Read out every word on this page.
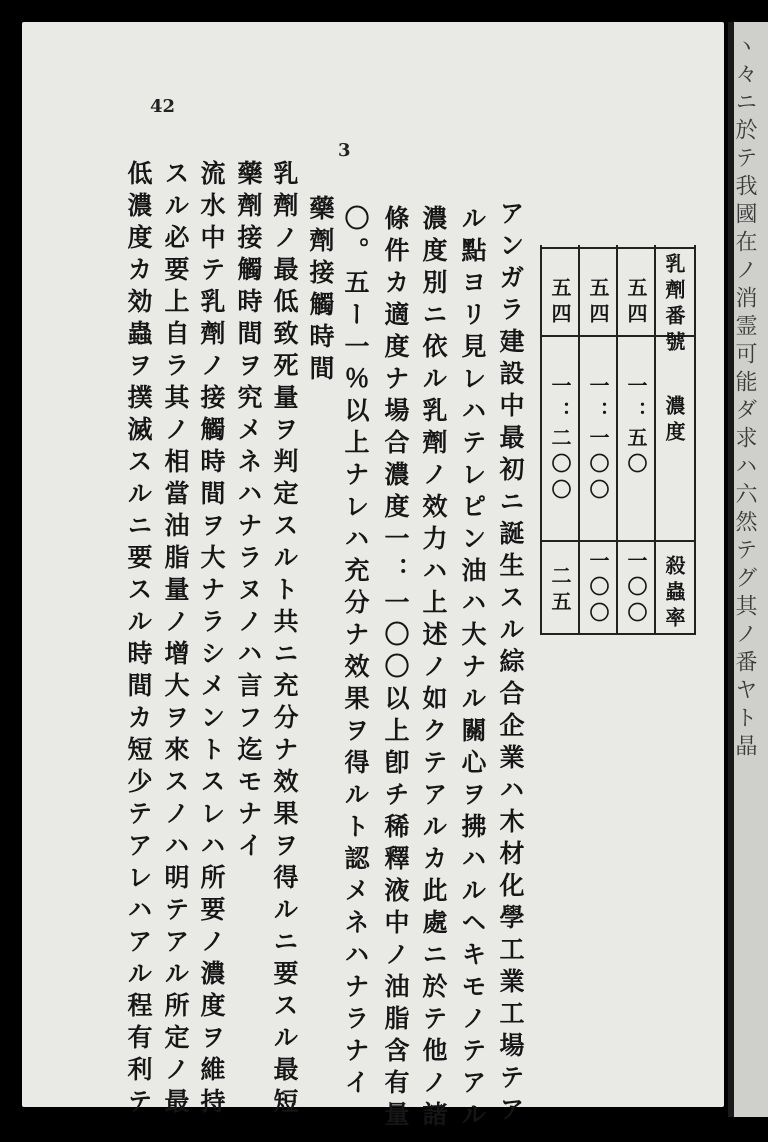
ヽ々ニ於テ我國在ノ消霊可能ダ求ハ六然テグ其ノ番ヤト晶
42
3
アンガラ建設中最初ニ誕生スル綜合企業ハ木材化學工業工場テア
ル點ヨリ見レハテレピン油ハ大ナル關心ヲ拂ハルヘキモノテアル
濃度別ニ依ル乳劑ノ效力ハ上述ノ如クテアルカ此處ニ於テ他ノ諸
條件カ適度ナ場合濃度一：一〇〇以上卽チ稀釋液中ノ油脂含有量
〇。五ー一％以上ナレハ充分ナ效果ヲ得ルト認メネハナラナイ
藥劑接觸時間
乳劑ノ最低致死量ヲ判定スルト共ニ充分ナ效果ヲ得ルニ要スル最短
藥劑接觸時間ヲ究メネハナラヌノハ言フ迄モナイ
流水中テ乳劑ノ接觸時間ヲ大ナラシメントスレハ所要ノ濃度ヲ維持
スル必要上自ラ其ノ相當油脂量ノ增大ヲ來スノハ明テアル所定ノ最
低濃度カ効蟲ヲ撲滅スルニ要スル時間カ短少テアレハアル程有利テ	乳劑番號
濃度
殺蟲率
五四
一：五〇
一〇〇
五四
一：一〇〇
一〇〇
五四
一：二〇〇
二五
